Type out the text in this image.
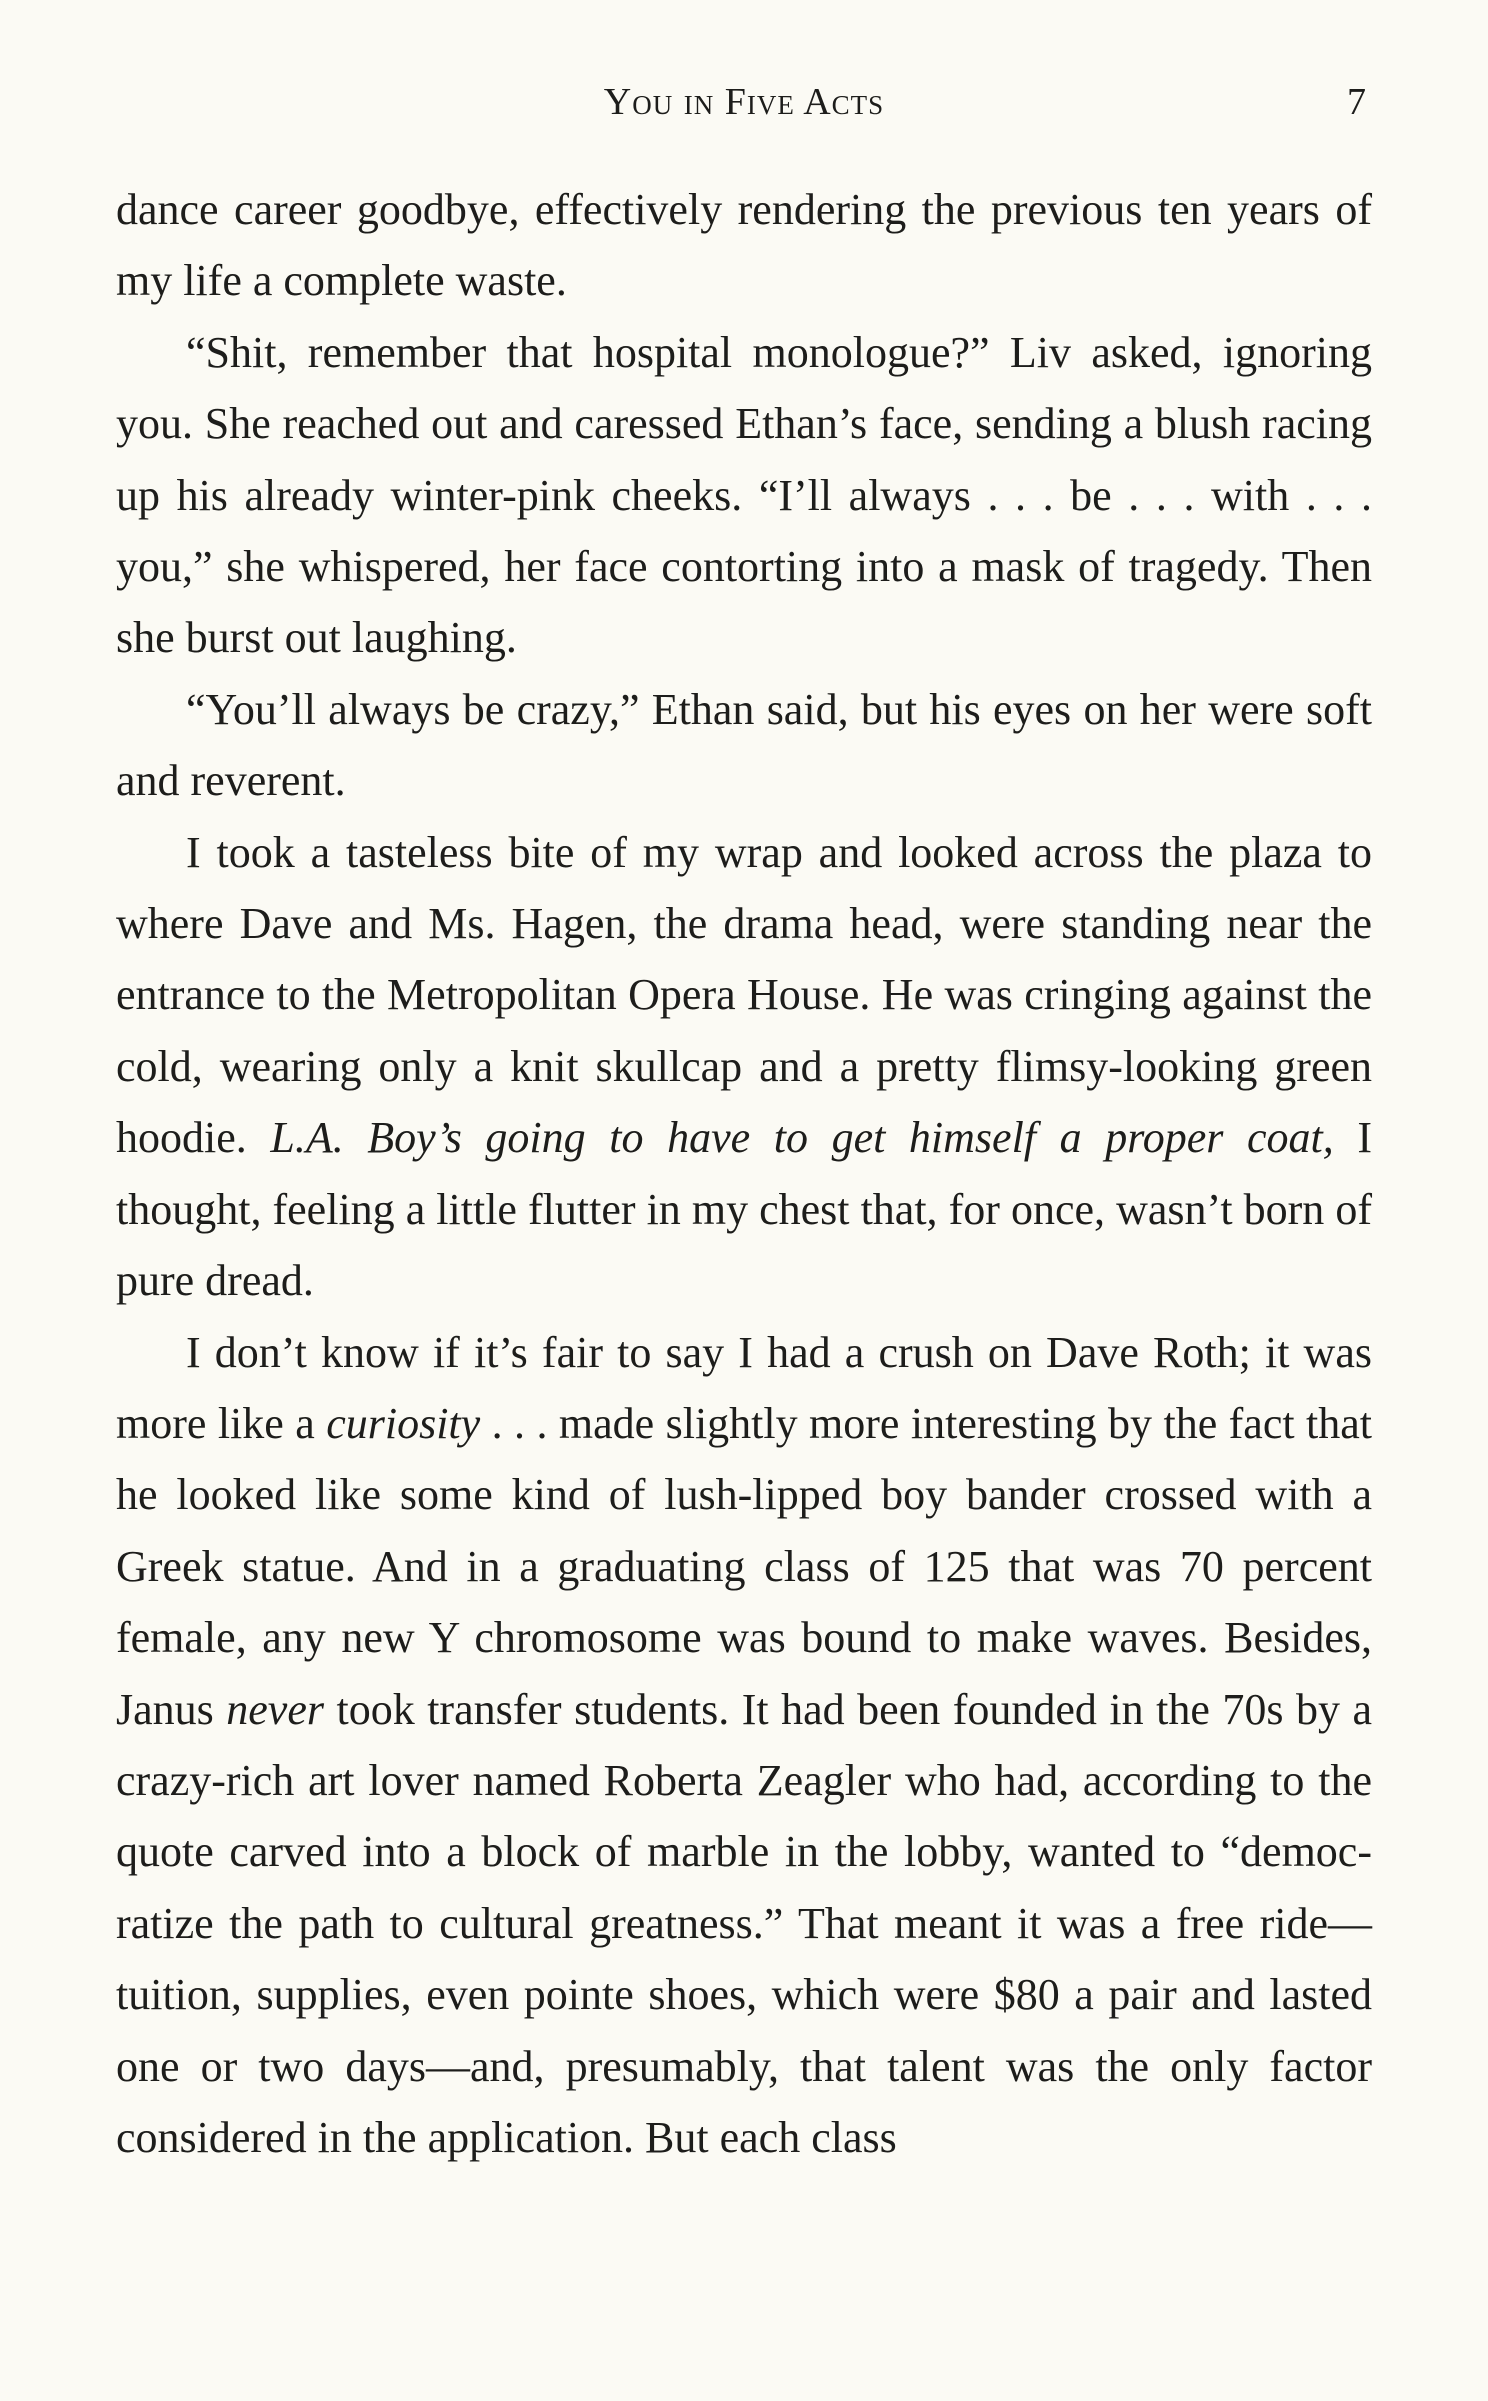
You in Five Acts	7

dance career goodbye, effectively rendering the previous ten years of my life a complete waste.

“Shit, remember that hospital monologue?” Liv asked, ignoring you. She reached out and caressed Ethan’s face, sending a blush racing up his already winter-pink cheeks. “I’ll always . . . be . . . with . . . you,” she whispered, her face contorting into a mask of tragedy. Then she burst out laughing.

“You’ll always be crazy,” Ethan said, but his eyes on her were soft and reverent.

I took a tasteless bite of my wrap and looked across the plaza to where Dave and Ms. Hagen, the drama head, were standing near the entrance to the Metropolitan Opera House. He was cringing against the cold, wearing only a knit skullcap and a pretty flimsy-looking green hoodie. L.A. Boy’s going to have to get himself a proper coat, I thought, feeling a little flutter in my chest that, for once, wasn’t born of pure dread.

I don’t know if it’s fair to say I had a crush on Dave Roth; it was more like a curiosity . . . made slightly more interesting by the fact that he looked like some kind of lush-lipped boy bander crossed with a Greek statue. And in a graduating class of 125 that was 70 percent female, any new Y chromosome was bound to make waves. Besides, Janus never took transfer students. It had been founded in the 70s by a crazy-rich art lover named Roberta Zeagler who had, according to the quote carved into a block of marble in the lobby, wanted to “democratize the path to cultural greatness.” That meant it was a free ride—tuition, supplies, even pointe shoes, which were $80 a pair and lasted one or two days—and, presumably, that talent was the only factor considered in the application. But each class
